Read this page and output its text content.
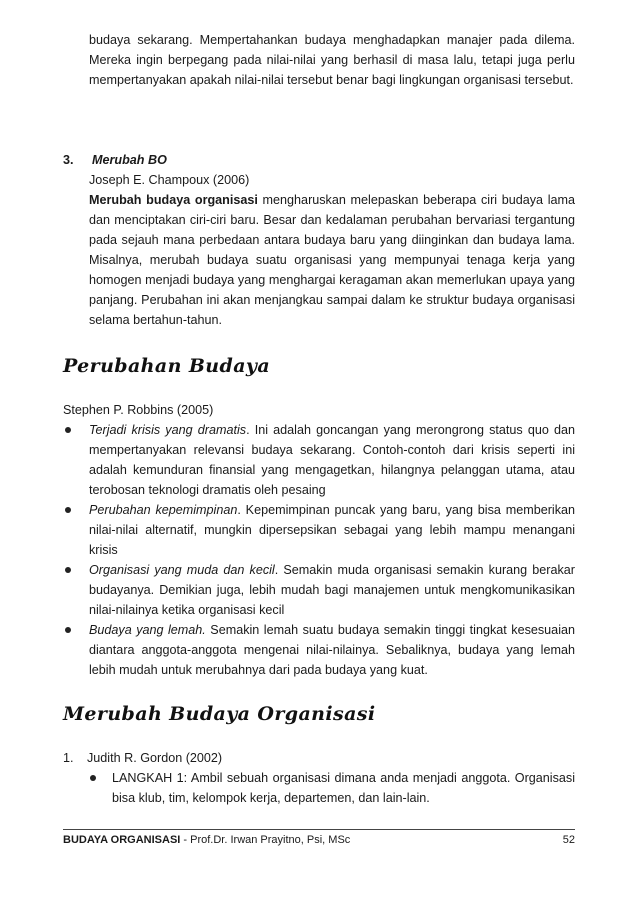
budaya sekarang. Mempertahankan budaya menghadapkan manajer pada dilema. Mereka ingin berpegang pada nilai-nilai yang berhasil di masa lalu, tetapi juga perlu mempertanyakan apakah nilai-nilai tersebut benar bagi lingkungan organisasi tersebut.

3. Merubah BO
Joseph E. Champoux (2006)

Merubah budaya organisasi mengharuskan melepaskan beberapa ciri budaya lama dan menciptakan ciri-ciri baru. Besar dan kedalaman perubahan bervariasi tergantung pada sejauh mana perbedaan antara budaya baru yang diinginkan dan budaya lama. Misalnya, merubah budaya suatu organisasi yang mempunyai tenaga kerja yang homogen menjadi budaya yang menghargai keragaman akan memerlukan upaya yang panjang. Perubahan ini akan menjangkau sampai dalam ke struktur budaya organisasi selama bertahun-tahun.

Perubahan Budaya
Stephen P. Robbins (2005)

Terjadi krisis yang dramatis. Ini adalah goncangan yang merongrong status quo dan mempertanyakan relevansi budaya sekarang. Contoh-contoh dari krisis seperti ini adalah kemunduran finansial yang mengagetkan, hilangnya pelanggan utama, atau terobosan teknologi dramatis oleh pesaing

Perubahan kepemimpinan. Kepemimpinan puncak yang baru, yang bisa memberikan nilai-nilai alternatif, mungkin dipersepsikan sebagai yang lebih mampu menangani krisis

Organisasi yang muda dan kecil. Semakin muda organisasi semakin kurang berakar budayanya. Demikian juga, lebih mudah bagi manajemen untuk mengkomunikasikan nilai-nilainya ketika organisasi kecil

Budaya yang lemah. Semakin lemah suatu budaya semakin tinggi tingkat kesesuaian diantara anggota-anggota mengenai nilai-nilainya. Sebaliknya, budaya yang lemah lebih mudah untuk merubahnya dari pada budaya yang kuat.

Merubah Budaya Organisasi
1. Judith R. Gordon (2002)

LANGKAH 1: Ambil sebuah organisasi dimana anda menjadi anggota. Organisasi bisa klub, tim, kelompok kerja, departemen, dan lain-lain.

BUDAYA ORGANISASI - Prof.Dr. Irwan Prayitno, Psi, MSc	52
